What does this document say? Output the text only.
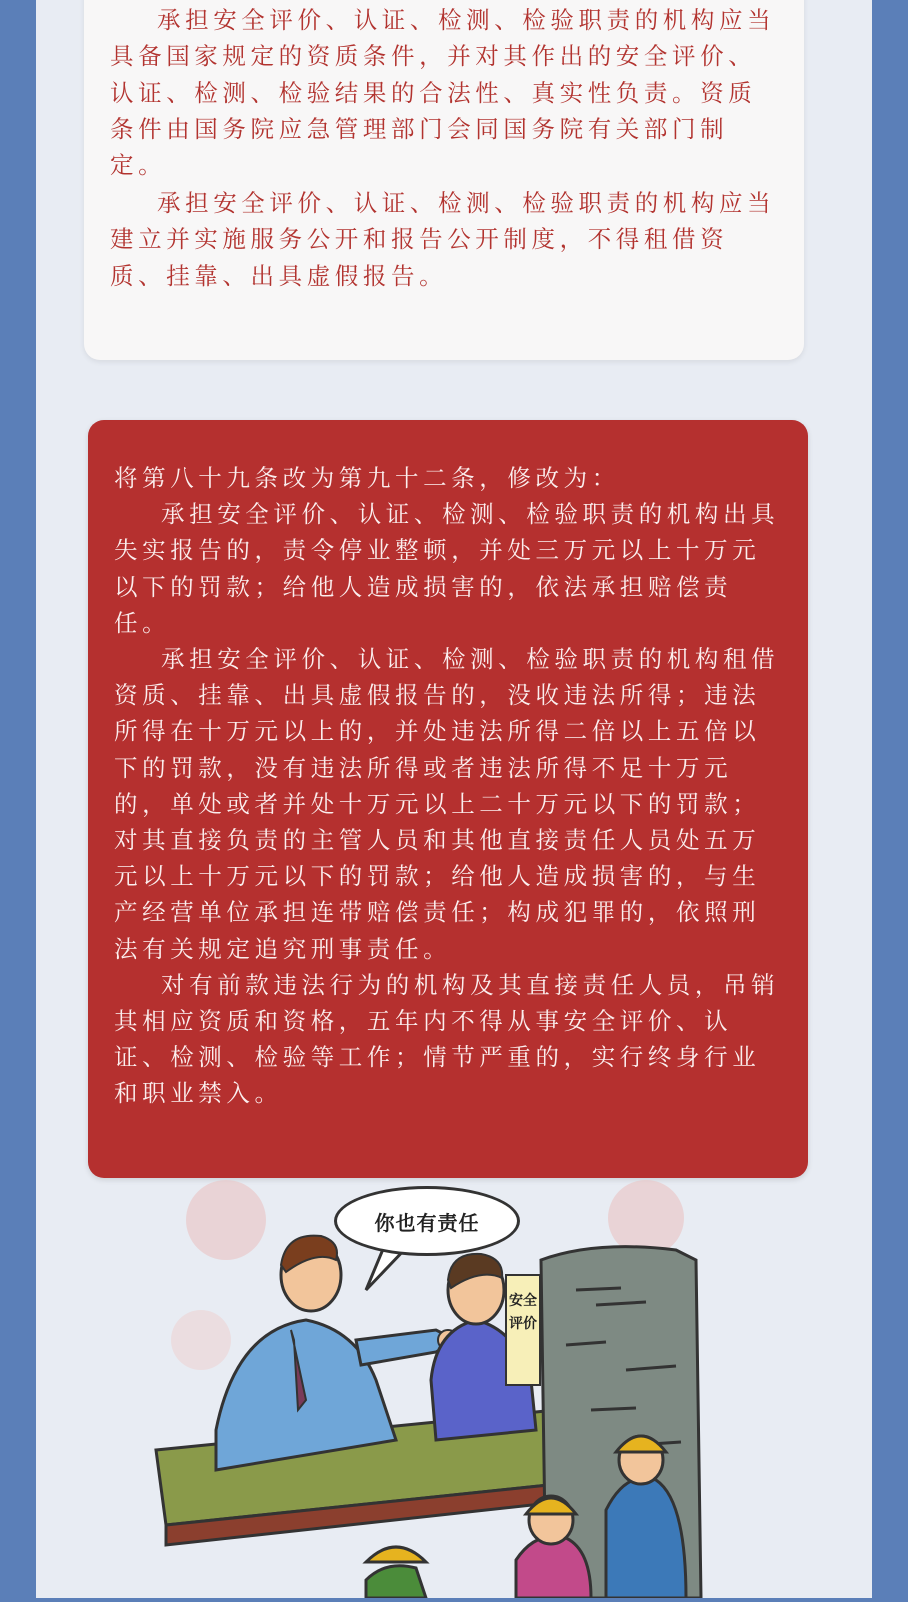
承担安全评价、认证、检测、检验职责的机构应当具备国家规定的资质条件，并对其作出的安全评价、认证、检测、检验结果的合法性、真实性负责。资质条件由国务院应急管理部门会同国务院有关部门制定。

承担安全评价、认证、检测、检验职责的机构应当建立并实施服务公开和报告公开制度，不得租借资质、挂靠、出具虚假报告。

将第八十九条改为第九十二条，修改为：

承担安全评价、认证、检测、检验职责的机构出具失实报告的，责令停业整顿，并处三万元以上十万元以下的罚款；给他人造成损害的，依法承担赔偿责任。

承担安全评价、认证、检测、检验职责的机构租借资质、挂靠、出具虚假报告的，没收违法所得；违法所得在十万元以上的，并处违法所得二倍以上五倍以下的罚款，没有违法所得或者违法所得不足十万元的，单处或者并处十万元以上二十万元以下的罚款；对其直接负责的主管人员和其他直接责任人员处五万元以上十万元以下的罚款；给他人造成损害的，与生产经营单位承担连带赔偿责任；构成犯罪的，依照刑法有关规定追究刑事责任。

对有前款违法行为的机构及其直接责任人员，吊销其相应资质和资格，五年内不得从事安全评价、认证、检测、检验等工作；情节严重的，实行终身行业和职业禁入。

安全
评价
你也有责任
